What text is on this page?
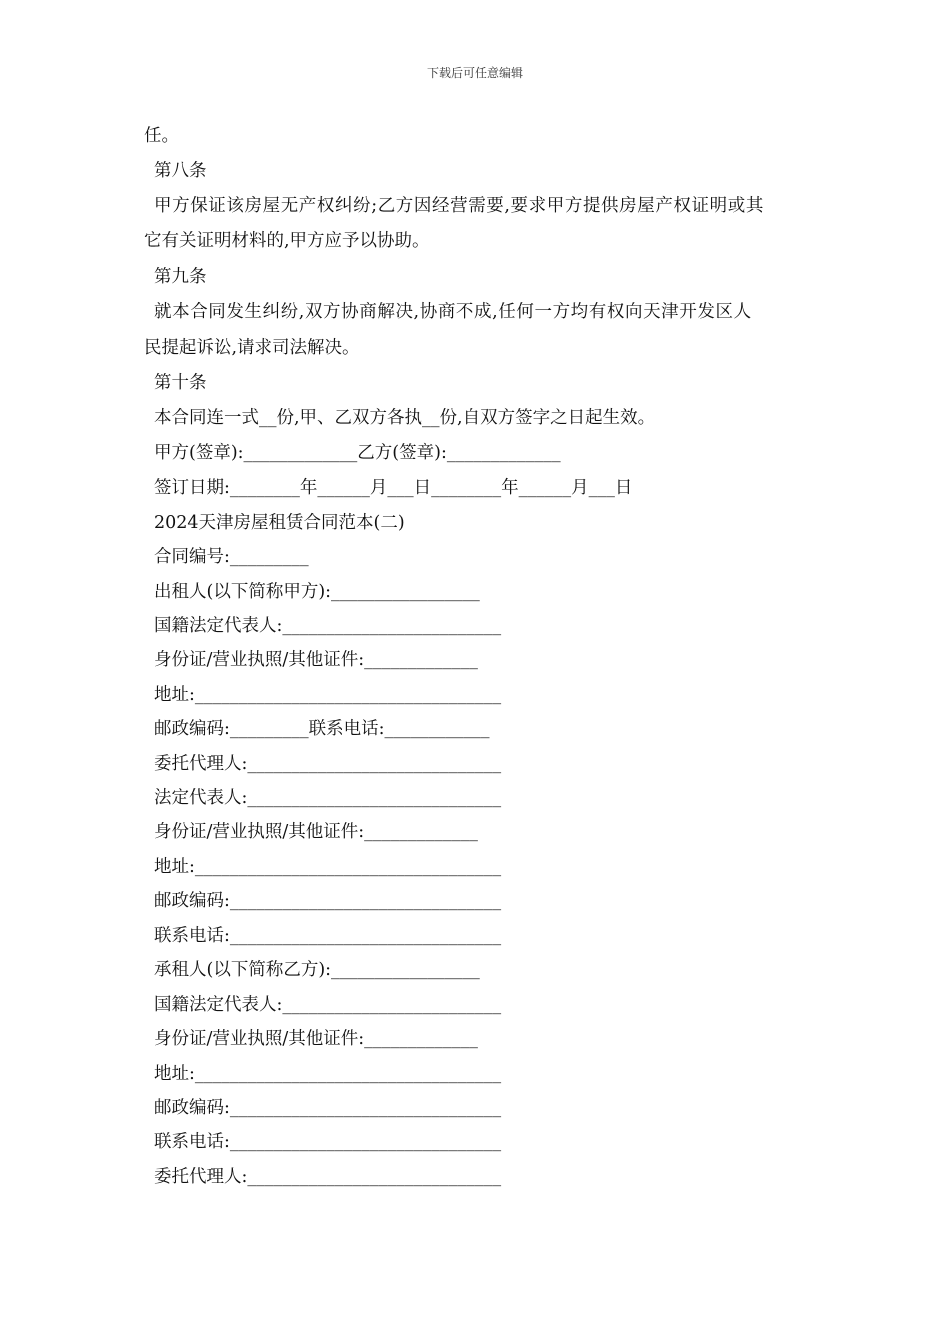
下载后可任意编辑
任。
第八条
甲方保证该房屋无产权纠纷;乙方因经营需要,要求甲方提供房屋产权证明或其
它有关证明材料的,甲方应予以协助。
第九条
就本合同发生纠纷,双方协商解决,协商不成,任何一方均有权向天津开发区人
民提起诉讼,请求司法解决。
第十条
本合同连一式__份,甲、乙双方各执__份,自双方签字之日起生效。
甲方(签章):_____________乙方(签章):_____________
签订日期:________年______月___日________年______月___日
2024天津房屋租赁合同范本(二)
合同编号:_________
出租人(以下简称甲方):_________________
国籍法定代表人:_________________________
身份证/营业执照/其他证件:_____________
地址:___________________________________
邮政编码:_________联系电话:____________
委托代理人:_____________________________
法定代表人:_____________________________
身份证/营业执照/其他证件:_____________
地址:___________________________________
邮政编码:_______________________________
联系电话:_______________________________
承租人(以下简称乙方):_________________
国籍法定代表人:_________________________
身份证/营业执照/其他证件:_____________
地址:___________________________________
邮政编码:_______________________________
联系电话:_______________________________
委托代理人:_____________________________
